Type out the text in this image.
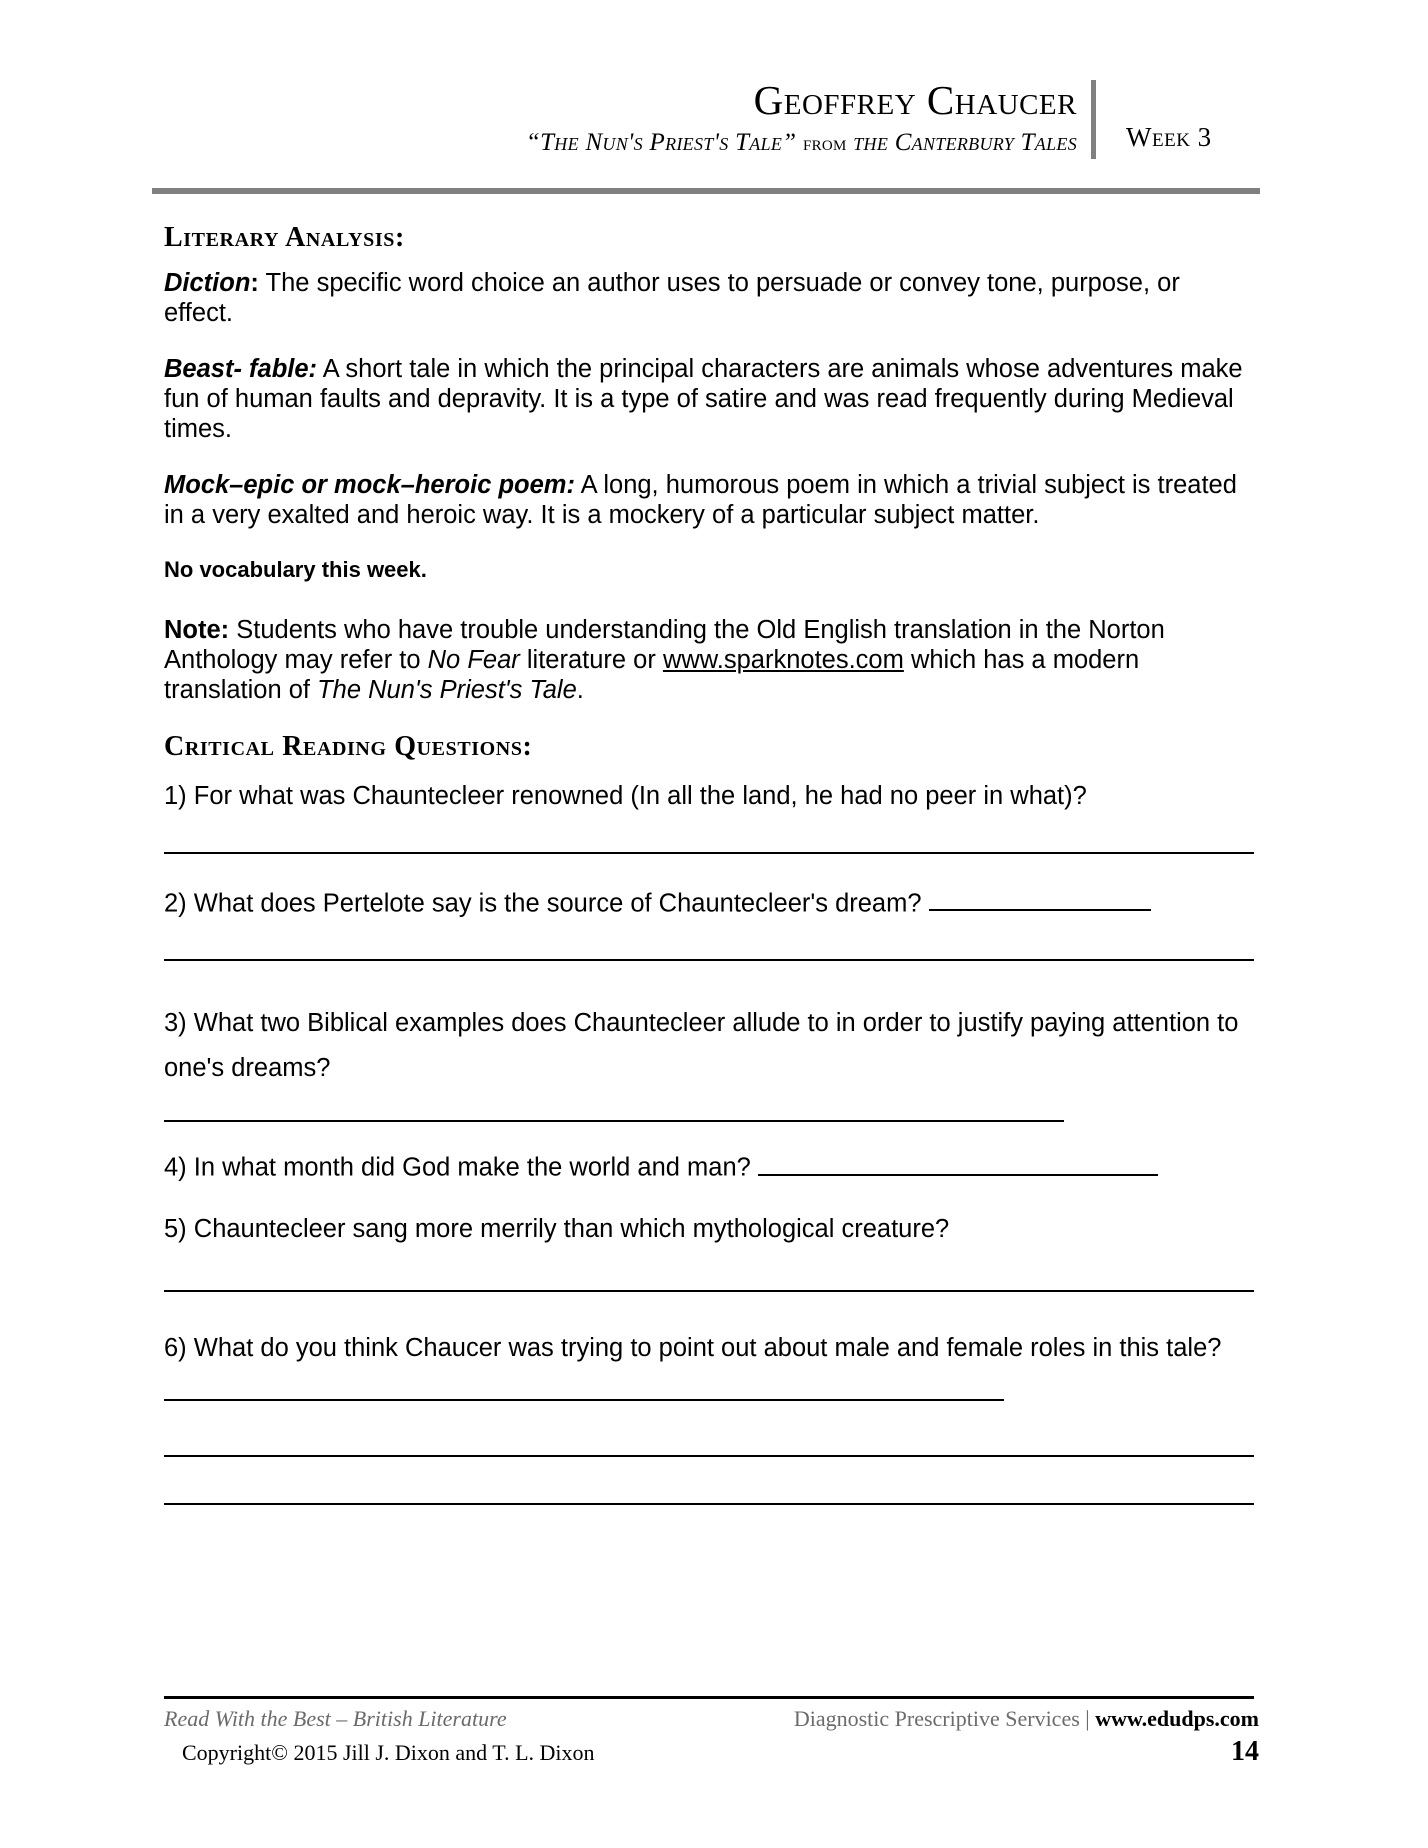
Geoffrey Chaucer
“The Nun's Priest's Tale” from the Canterbury Tales Week 3
Literary Analysis:

Diction: The specific word choice an author uses to persuade or convey tone, purpose, or effect.

Beast- fable: A short tale in which the principal characters are animals whose adventures make fun of human faults and depravity. It is a type of satire and was read frequently during Medieval times.

Mock–epic or mock–heroic poem: A long, humorous poem in which a trivial subject is treated in a very exalted and heroic way. It is a mockery of a particular subject matter.

No vocabulary this week.

Note: Students who have trouble understanding the Old English translation in the Norton Anthology may refer to No Fear literature or www.sparknotes.com which has a modern translation of The Nun's Priest's Tale.

Critical Reading Questions:

1) For what was Chauntecleer renowned (In all the land, he had no peer in what)?

2) What does Pertelote say is the source of Chauntecleer's dream?

3) What two Biblical examples does Chauntecleer allude to in order to justify paying attention to one's dreams?

4) In what month did God make the world and man?

5) Chauntecleer sang more merrily than which mythological creature?

6) What do you think Chaucer was trying to point out about male and female roles in this tale?

Read With the Best – British Literature	Diagnostic Prescriptive Services | www.edudps.com
Copyright© 2015 Jill J. Dixon and T. L. Dixon	14
